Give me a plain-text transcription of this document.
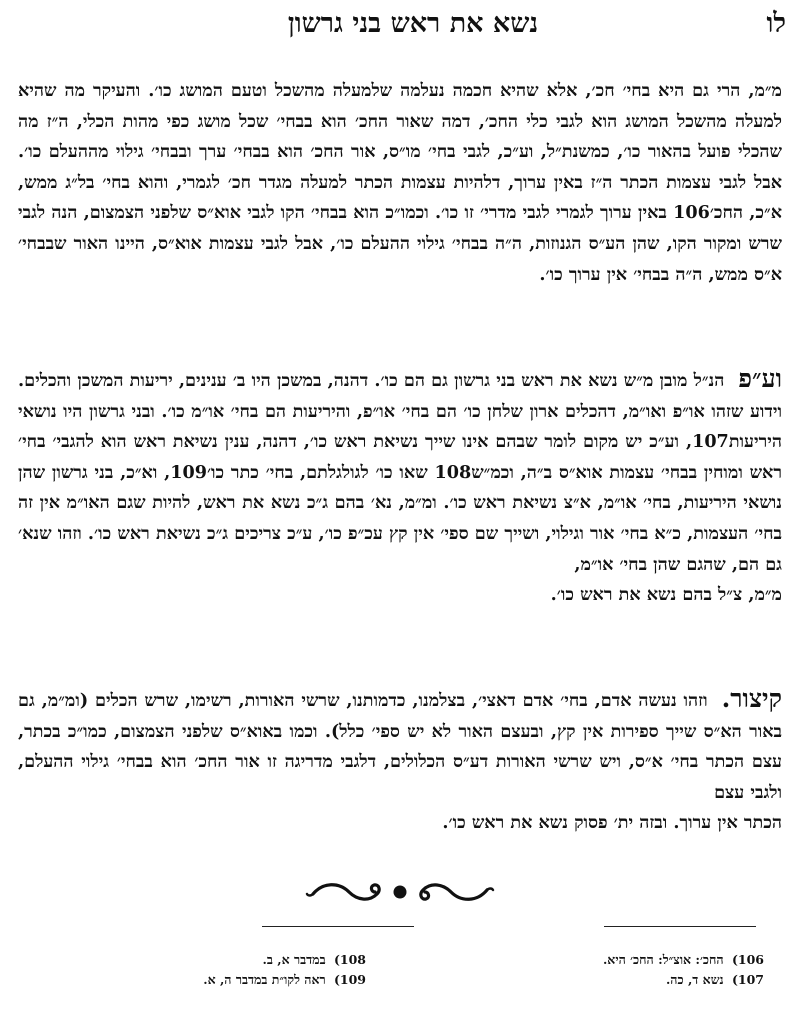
לו
נשא את ראש בני גרשון

מ״מ, הרי גם היא בחי׳ חכ׳, אלא שהיא חכמה נעלמה שלמעלה מהשכל וטעם המושג כו׳. והעיקר מה שהיא למעלה מהשכל המושג הוא לגבי כלי החכ׳, דמה שאור החכ׳ הוא בבחי׳ שכל מושג כפי מהות הכלי, ה״ז מה שהכלי פועל בהאור כו׳, כמשנת״ל, וע״כ, לגבי בחי׳ מו״ס, אור החכ׳ הוא בבחי׳ ערך ובבחי׳ גילוי מההעלם כו׳. אבל לגבי עצמות הכתר ה״ז באין ערוך, דלהיות עצמות הכתר למעלה מגדר חכ׳ לגמרי, והוא בחי׳ בל״ג ממש, א״כ, החכ׳106 באין ערוך לגמרי לגבי מדרי׳ זו כו׳. וכמו״כ הוא בבחי׳ הקו לגבי אוא״ס שלפני הצמצום, הנה לגבי שרש ומקור הקו, שהן הע״ס הגנוזות, ה״ה בבחי׳ גילוי ההעלם כו׳, אבל לגבי עצמות אוא״ס, היינו האור שבבחי׳ א״ס ממש, ה״ה בבחי׳ אין ערוך כו׳.

וע״פ
הנ״ל מובן מ״ש נשא את ראש בני גרשון גם הם כו׳. דהנה, במשכן היו ב׳ ענינים, יריעות המשכן והכלים. וידוע שזהו או״פ ואו״מ, דהכלים ארון שלחן כו׳ הם בחי׳ או״פ, והיריעות הם בחי׳ או״מ כו׳. ובני גרשון היו נושאי היריעות107, וע״כ יש מקום לומר שבהם אינו שייך נשיאת ראש כו׳, דהנה, ענין נשיאת ראש הוא להגבי׳ בחי׳ ראש ומוחין בבחי׳ עצמות אוא״ס ב״ה, וכמ״ש108 שאו כו׳ לגולגלתם, בחי׳ כתר כו׳109, וא״כ, בני גרשון שהן נושאי היריעות, בחי׳ או״מ, א״צ נשיאת ראש כו׳. ומ״מ, נא׳ בהם ג״כ נשא את ראש, להיות שגם האו״מ אין זה בחי׳ העצמות, כ״א בחי׳ אור וגילוי, ושייך שם ספי׳ אין קץ עכ״פ כו׳, ע״כ צריכים ג״כ נשיאת ראש כו׳. וזהו שנא׳ גם הם, שהגם שהן בחי׳ או״מ,
מ״מ, צ״ל בהם נשא את ראש כו׳.

קיצור.
וזהו נעשה אדם, בחי׳ אדם דאצי׳, בצלמנו, כדמותנו, שרשי האורות, רשימו, שרש הכלים (ומ״מ, גם באור הא״ס שייך ספירות אין קץ, ובעצם האור לא יש ספי׳ כלל). וכמו באוא״ס שלפני הצמצום, כמו״כ בכתר, עצם הכתר בחי׳ א״ס, ויש שרשי האורות דע״ס הכלולים, דלגבי מדריגה זו אור החכ׳ הוא בבחי׳ גילוי ההעלם, ולגבי עצם
הכתר אין ערוך. ובזה ית׳ פסוק נשא את ראש כו׳.

106) החכ׳: אוצ״ל: החכ׳ היא.
107) נשא ד, כה.
108) במדבר א, ב.
109) ראה לקו״ת במדבר ה, א.
